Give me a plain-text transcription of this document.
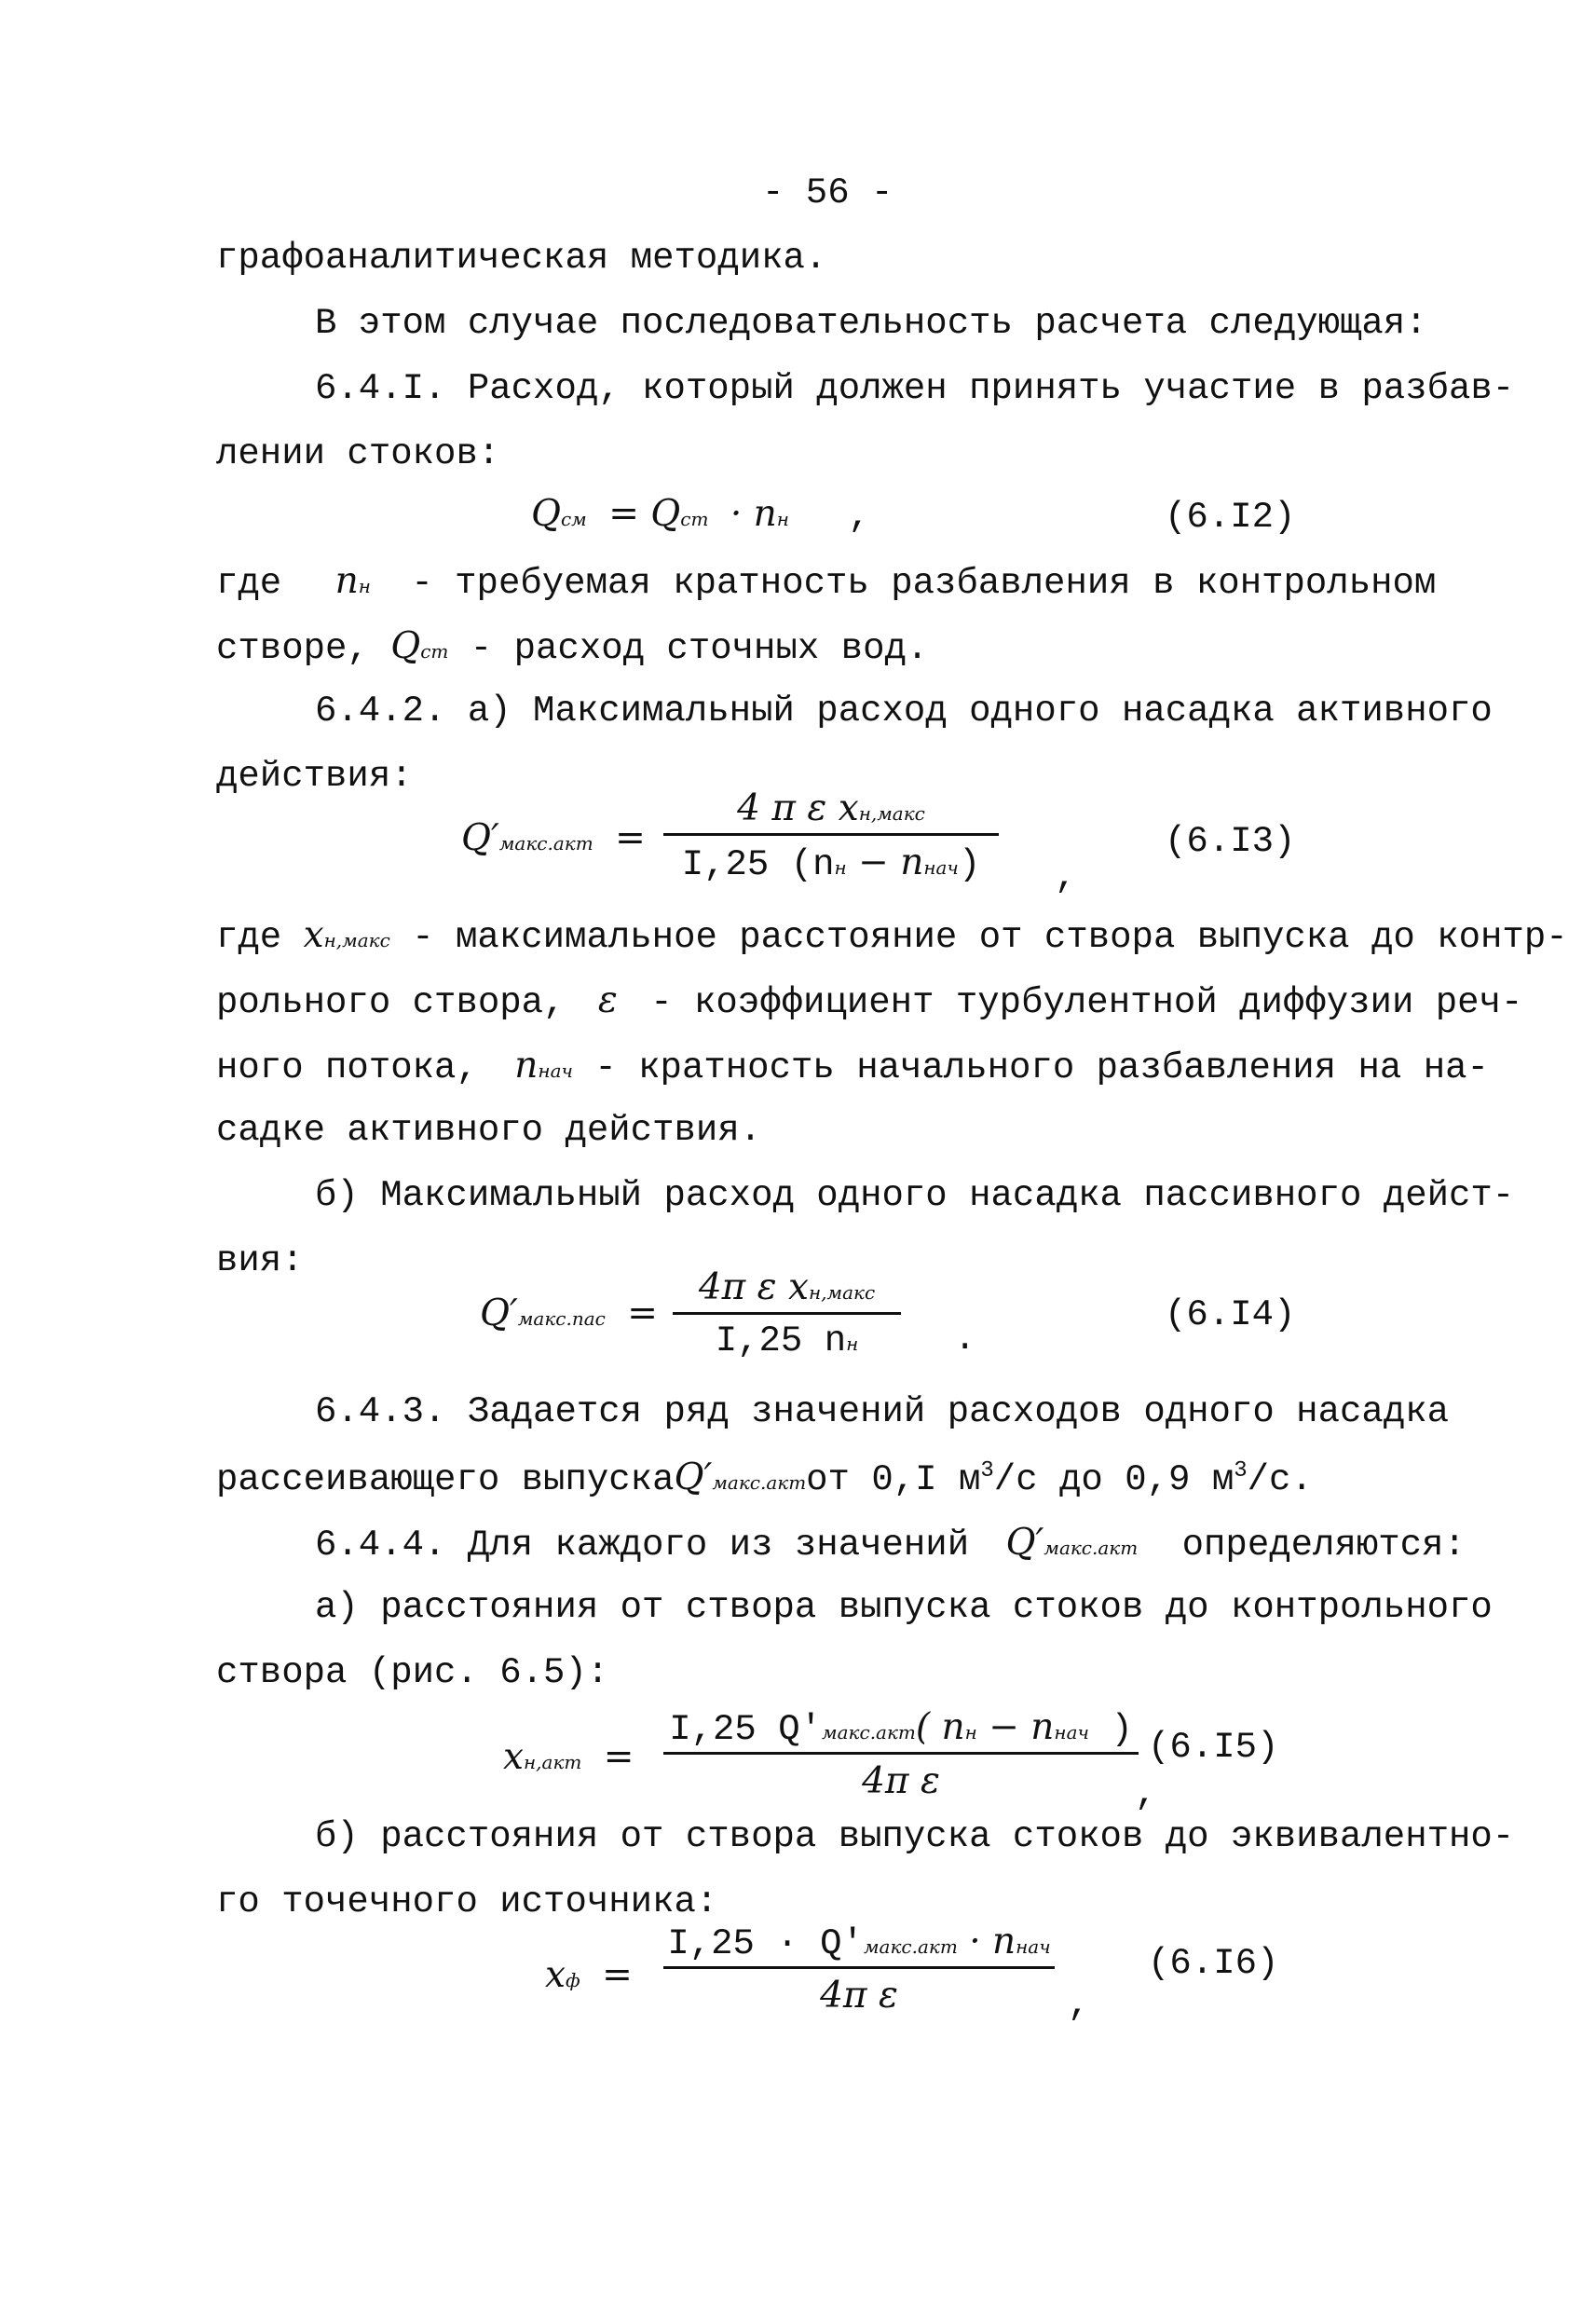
- 56 -
графоаналитическая методика.
В этом случае последовательность расчета следующая:
6.4.I. Расход, который должен принять участие в разбав-
лении стоков:
Qсм = Qст · nн ,	(6.I2)
где nн - требуемая кратность разбавления в контрольном
створе, Qст - расход сточных вод.
6.4.2. а) Максимальный расход одного насадка активного
действия:
Q′макс.акт =
4 π ε xн,макс
I,25 (nн − nнач)	,
(6.I3)
где xн,макс - максимальное расстояние от створа выпуска до контр-
рольного створа, ε - коэффициент турбулентной диффузии реч-
ного потока, nнач - кратность начального разбавления на на-
садке активного действия.
б) Максимальный расход одного насадка пассивного дейст-
вия:
Q′макс.пас =
4π ε xн,макс
I,25 nн	.
(6.I4)
6.4.3. Задается ряд значений расходов одного насадка
рассеивающего выпускаQ′макс.актот 0,I $м^3/с$ до 0,9 $м^3/с$.
6.4.4. Для каждого из значений Q′макс.акт определяются:
а) расстояния от створа выпуска стоков до контрольного
створа (рис. 6.5):
xн,акт =
I,25 Q′макс.акт( nн − nнач )
4π ε	,
(6.I5)
б) расстояния от створа выпуска стоков до эквивалентно-
го точечного источника:
xф =
I,25 · Q′макс.акт · nнач
4π ε	,
(6.I6)
